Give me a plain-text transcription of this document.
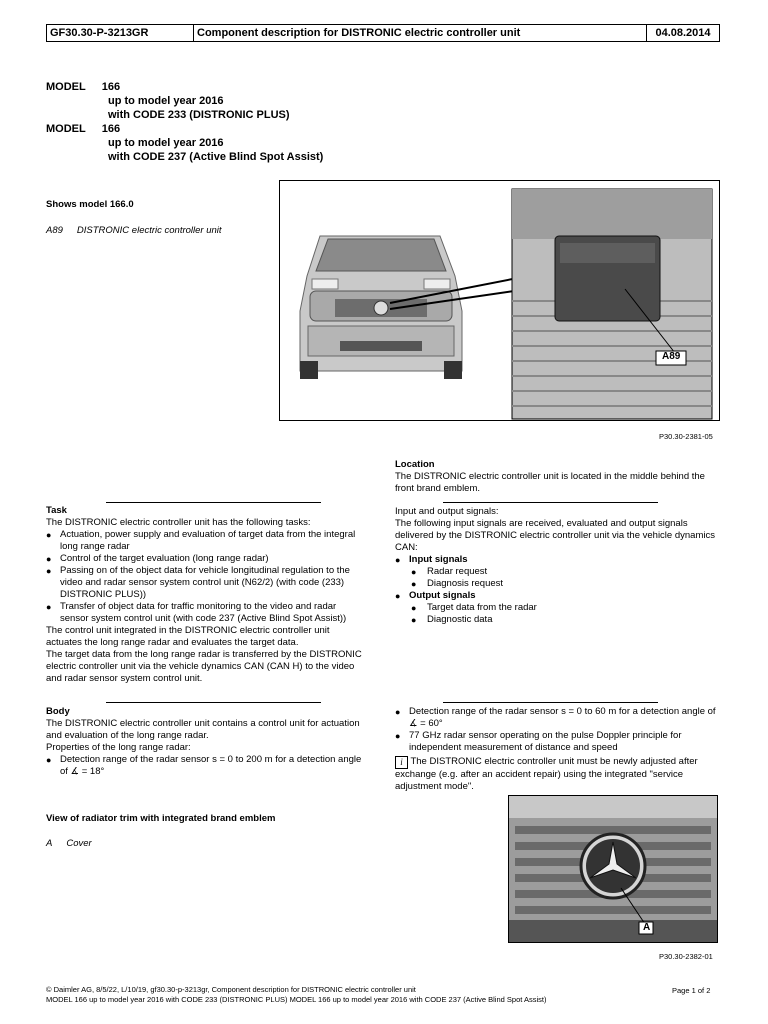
GF30.30-P-3213GR	Component description for DISTRONIC electric controller unit	04.08.2014
MODEL 166
up to model year 2016
with CODE 233 (DISTRONIC PLUS)
MODEL 166
up to model year 2016
with CODE 237 (Active Blind Spot Assist)
Shows model 166.0
A89 DISTRONIC electric controller unit
A89
P30.30-2381-05
Location
The DISTRONIC electric controller unit is located in the middle behind the front brand emblem.
Task
The DISTRONIC electric controller unit has the following tasks:
● Actuation, power supply and evaluation of target data from the integral long range radar
● Control of the target evaluation (long range radar)
● Passing on of the object data for vehicle longitudinal regulation to the video and radar sensor system control unit (N62/2) (with code (233) DISTRONIC PLUS))
● Transfer of object data for traffic monitoring to the video and radar sensor system control unit (with code 237 (Active Blind Spot Assist))
The control unit integrated in the DISTRONIC electric controller unit actuates the long range radar and evaluates the target data.
The target data from the long range radar is transferred by the DISTRONIC electric controller unit via the vehicle dynamics CAN (CAN H) to the video and radar sensor system control unit.
Input and output signals:
The following input signals are received, evaluated and output signals delivered by the DISTRONIC electric controller unit via the vehicle dynamics CAN:
● Input signals
● Radar request
● Diagnosis request
● Output signals
● Target data from the radar
● Diagnostic data
Body
The DISTRONIC electric controller unit contains a control unit for actuation and evaluation of the long range radar.
Properties of the long range radar:
● Detection range of the radar sensor s = 0 to 200 m for a detection angle of ∡ = 18°
● Detection range of the radar sensor s = 0 to 60 m for a detection angle of ∡ = 60°
● 77 GHz radar sensor operating on the pulse Doppler principle for independent measurement of distance and speed
i The DISTRONIC electric controller unit must be newly adjusted after exchange (e.g. after an accident repair) using the integrated "service adjustment mode".
View of radiator trim with integrated brand emblem
A Cover
A
P30.30-2382-01
© Daimler AG, 8/5/22, L/10/19, gf30.30-p-3213gr, Component description for DISTRONIC electric controller unit
MODEL 166 up to model year 2016 with CODE 233 (DISTRONIC PLUS) MODEL 166 up to model year 2016 with CODE 237 (Active Blind Spot Assist)
Page 1 of 2
